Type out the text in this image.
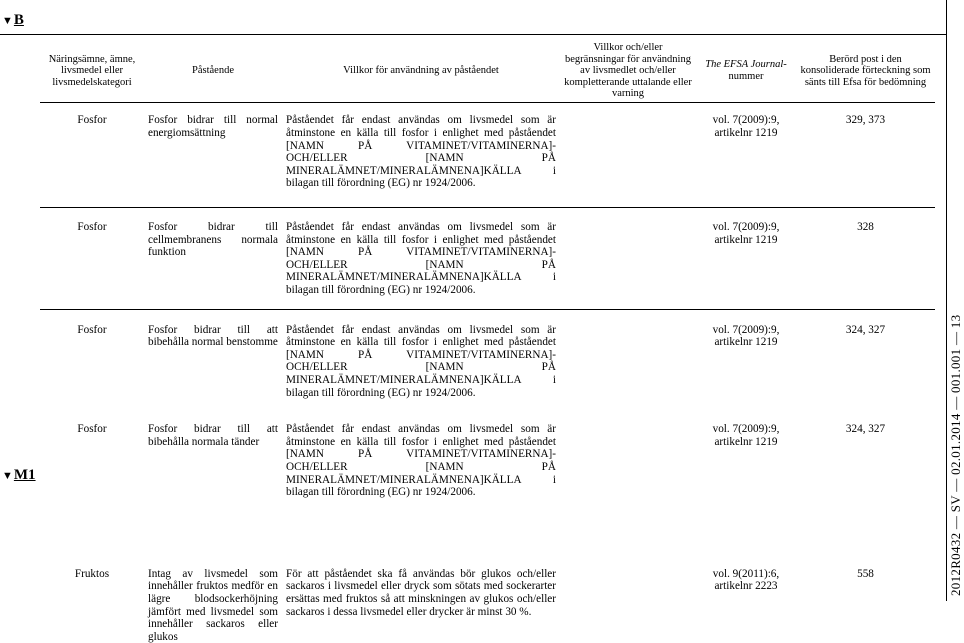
▼B
Näringsämne, ämne, livsmedel eller livsmedelskategori	Påstående	Villkor för användning av påståendet	Villkor och/eller begränsningar för användning av livsmedlet och/eller kompletterande uttalande eller varning	The EFSA Journal-nummer	Berörd post i den konsoliderade förteckning som sänts till Efsa för bedömning

Fosfor	Fosfor bidrar till normal energiomsättning	Påståendet får endast användas om livsmedel som är åtminstone en källa till fosfor i enlighet med påståendet [NAMN PÅ VITAMINET/VITAMINERNA]- OCH/ELLER [NAMN PÅ MINERALÄMNET/MINERALÄMNENA]KÄLLA i bilagan till förordning (EG) nr 1924/2006.		vol. 7(2009):9, artikelnr 1219	329, 373

Fosfor	Fosfor bidrar till cellmembranens normala funktion	Påståendet får endast användas om livsmedel som är åtminstone en källa till fosfor i enlighet med påståendet [NAMN PÅ VITAMINET/VITAMINERNA]- OCH/ELLER [NAMN PÅ MINERALÄMNET/MINERALÄMNENA]KÄLLA i bilagan till förordning (EG) nr 1924/2006.		vol. 7(2009):9, artikelnr 1219	328

Fosfor	Fosfor bidrar till att bibehålla normal benstomme	Påståendet får endast användas om livsmedel som är åtminstone en källa till fosfor i enlighet med påståendet [NAMN PÅ VITAMINET/VITAMINERNA]- OCH/ELLER [NAMN PÅ MINERALÄMNET/MINERALÄMNENA]KÄLLA i bilagan till förordning (EG) nr 1924/2006.		vol. 7(2009):9, artikelnr 1219	324, 327

Fosfor	Fosfor bidrar till att bibehålla normala tänder	Påståendet får endast användas om livsmedel som är åtminstone en källa till fosfor i enlighet med påståendet [NAMN PÅ VITAMINET/VITAMINERNA]- OCH/ELLER [NAMN PÅ MINERALÄMNET/MINERALÄMNENA]KÄLLA i bilagan till förordning (EG) nr 1924/2006.		vol. 7(2009):9, artikelnr 1219	324, 327

Fruktos	Intag av livsmedel som innehåller fruktos medför en lägre blodsockerhöjning jämfört med livsmedel som innehåller sackaros eller glukos	För att påståendet ska få användas bör glukos och/eller sackaros i livsmedel eller dryck som sötats med sockerarter ersättas med fruktos så att minskningen av glukos och/eller sackaros i dessa livsmedel eller drycker är minst 30 %.		vol. 9(2011):6, artikelnr 2223	558
▼M1	2012R0432 — SV — 02.01.2014 — 001.001 — 13
